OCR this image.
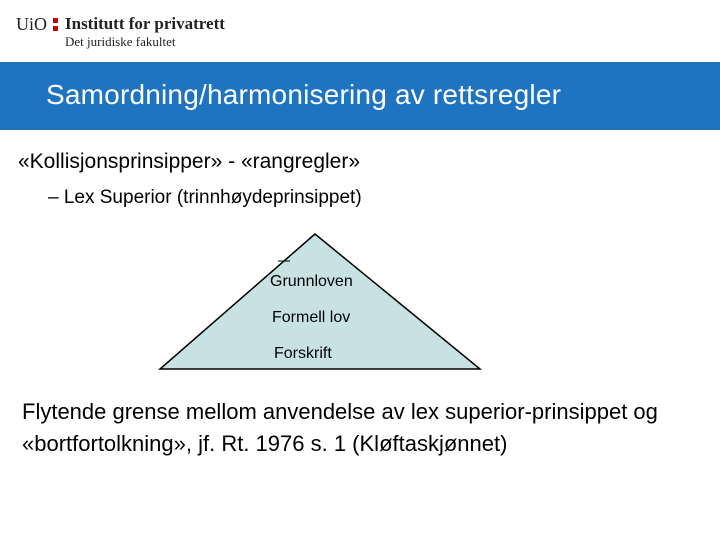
UiO Institutt for privatrett
Det juridiske fakultet
Samordning/harmonisering av rettsregler
«Kollisjonsprinsipper» - «rangregler»
– Lex Superior (trinnhøydeprinsippet)
Grunnloven
Formell lov
Forskrift
Flytende grense mellom anvendelse av lex superior-prinsippet og «bortfortolkning», jf. Rt. 1976 s. 1 (Kløftaskjønnet)
